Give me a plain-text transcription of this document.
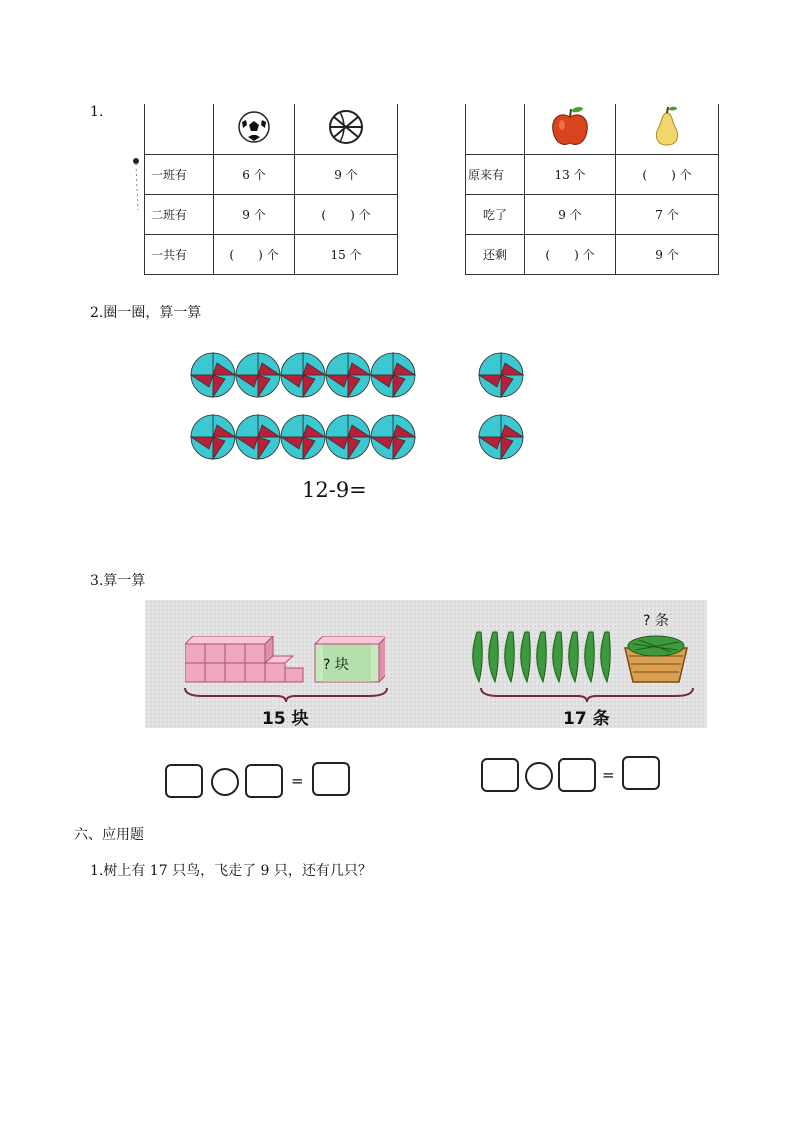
1.

一班有	6 个	9 个
二班有	9 个	(　　) 个
一共有	(　　) 个	15 个

原来有	13 个	(　　) 个
吃了	9 个	7 个
还剩	(　　) 个	9 个
2.圈一圈，算一算
12-9=
3.算一算
? 块
15 块
? 条
17 条
=	=
六、应用题
1.树上有 17 只鸟，飞走了 9 只，还有几只？
